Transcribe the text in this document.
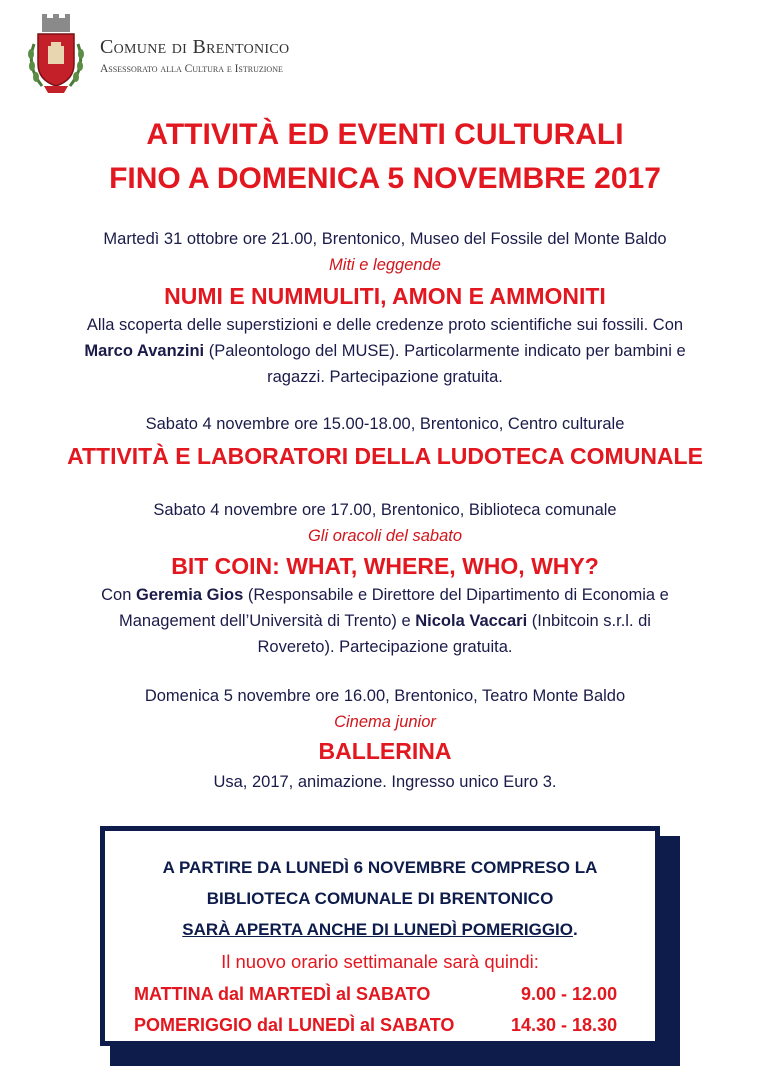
Comune di Brentonico
Assessorato alla Cultura e Istruzione
ATTIVITÀ ED EVENTI CULTURALI
FINO A DOMENICA 5 NOVEMBRE 2017
Martedì 31 ottobre ore 21.00, Brentonico, Museo del Fossile del Monte Baldo
Miti e leggende
NUMI E NUMMULITI, AMON E AMMONITI
Alla scoperta delle superstizioni e delle credenze proto scientifiche sui fossili. Con
Marco Avanzini (Paleontologo del MUSE). Particolarmente indicato per bambini e
ragazzi. Partecipazione gratuita.
Sabato 4 novembre ore 15.00-18.00, Brentonico, Centro culturale
ATTIVITÀ E LABORATORI DELLA LUDOTECA COMUNALE
Sabato 4 novembre ore 17.00, Brentonico, Biblioteca comunale
Gli oracoli del sabato
BIT COIN: WHAT, WHERE, WHO, WHY?
Con Geremia Gios (Responsabile e Direttore del Dipartimento di Economia e
Management dell’Università di Trento) e Nicola Vaccari (Inbitcoin s.r.l. di
Rovereto). Partecipazione gratuita.
Domenica 5 novembre ore 16.00, Brentonico, Teatro Monte Baldo
Cinema junior
BALLERINA
Usa, 2017, animazione. Ingresso unico Euro 3.
A PARTIRE DA LUNEDÌ 6 NOVEMBRE COMPRESO LA
BIBLIOTECA COMUNALE DI BRENTONICO
SARÀ APERTA ANCHE DI LUNEDÌ POMERIGGIO.
Il nuovo orario settimanale sarà quindi:
MATTINA dal MARTEDÌ al SABATO	9.00 - 12.00
POMERIGGIO dal LUNEDÌ al SABATO	14.30 - 18.30
